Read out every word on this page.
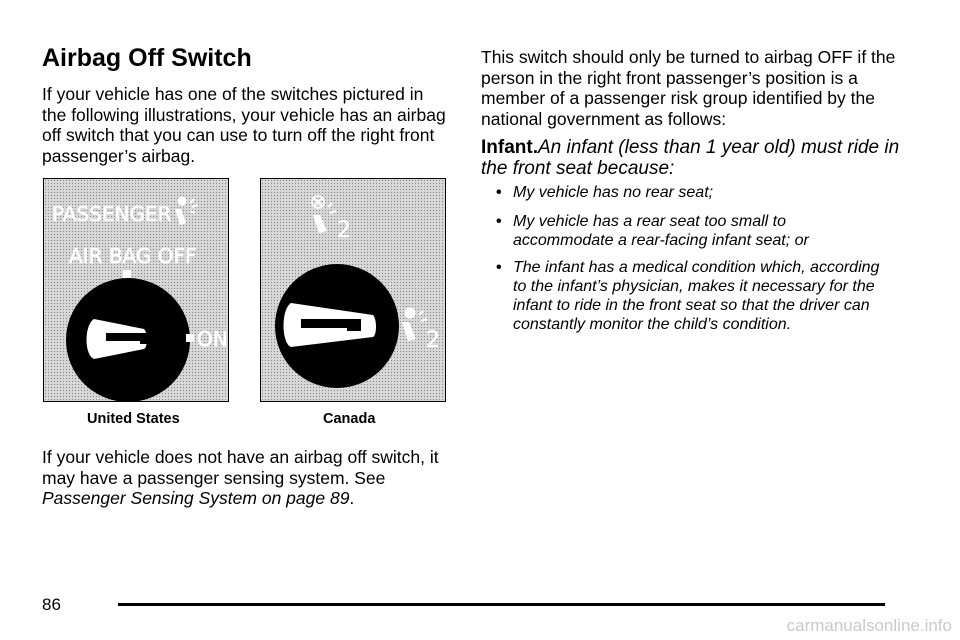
Airbag Off Switch

If your vehicle has one of the switches pictured in the following illustrations, your vehicle has an airbag off switch that you can use to turn off the right front passenger’s airbag.

PASSENGER
AIR BAG OFF
ON
2
2

United States	Canada

If your vehicle does not have an airbag off switch, it may have a passenger sensing system. See Passenger Sensing System on page 89.

This switch should only be turned to airbag OFF if the person in the right front passenger’s position is a member of a passenger risk group identified by the national government as follows:

Infant.An infant (less than 1 year old) must ride in the front seat because:

• My vehicle has no rear seat;
• My vehicle has a rear seat too small to accommodate a rear-facing infant seat; or
• The infant has a medical condition which, according to the infant’s physician, makes it necessary for the infant to ride in the front seat so that the driver can constantly monitor the child’s condition.

86

carmanualsonline.info
